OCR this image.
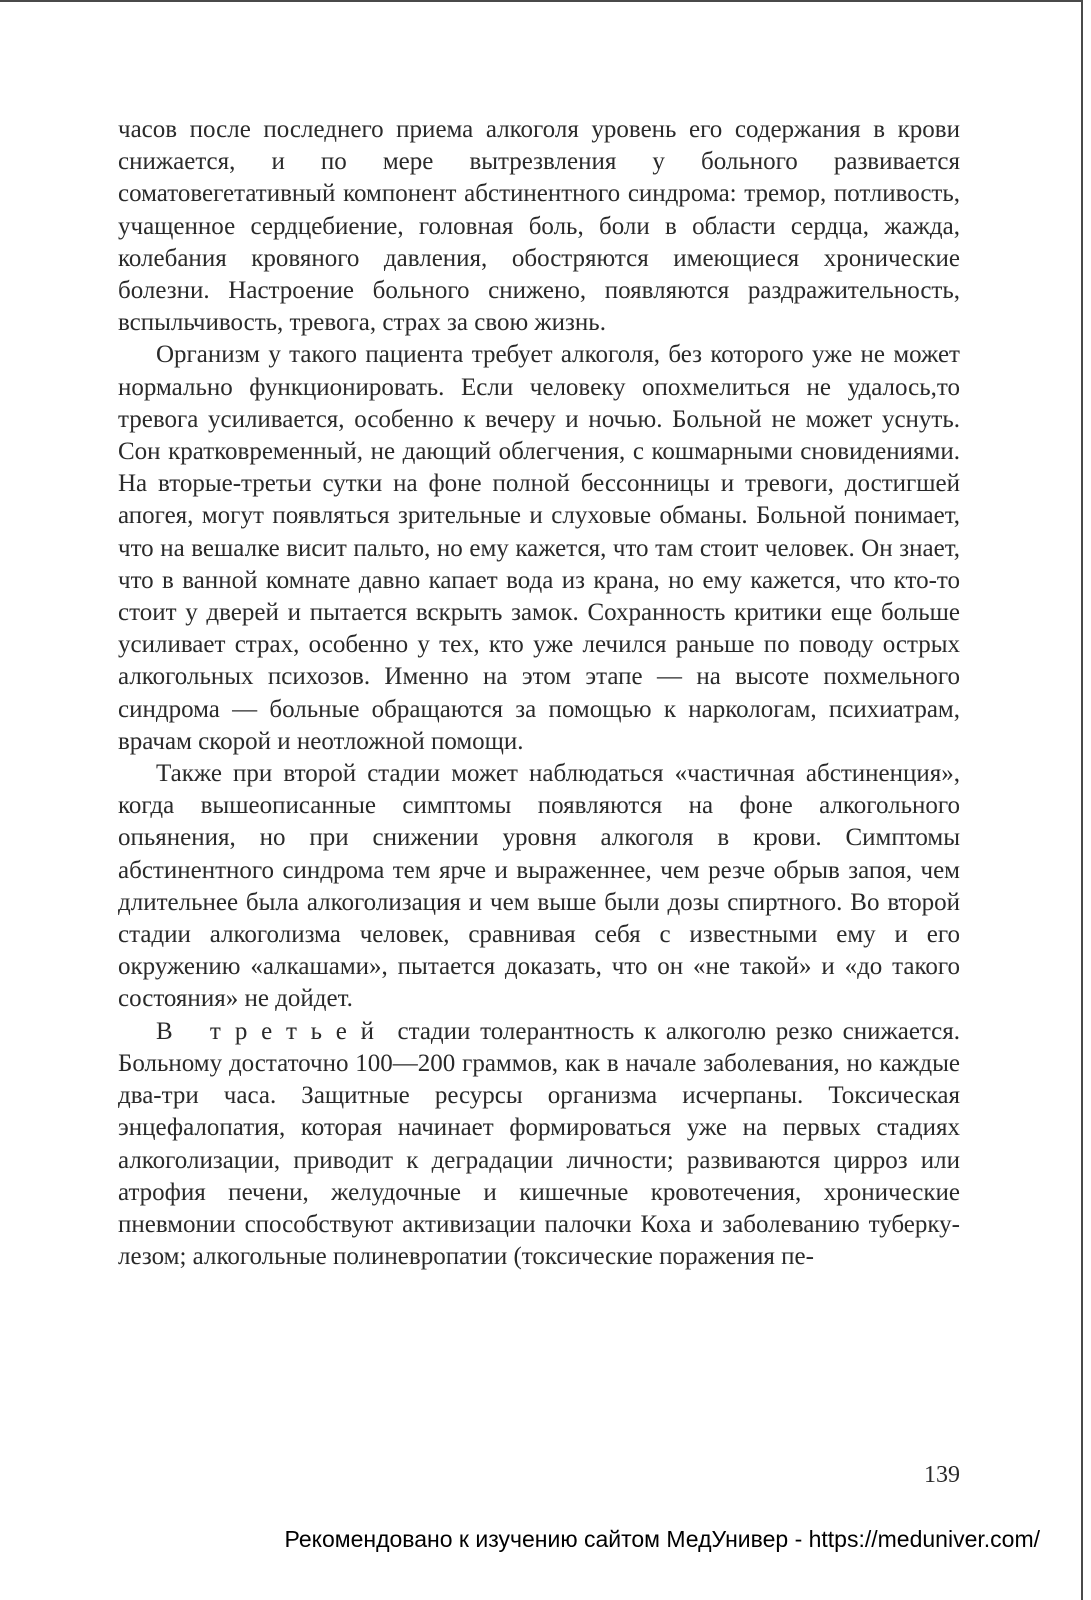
часов после последнего приема алкоголя уровень его содержания в крови снижается, и по мере вытрезвления у больного развивается соматовегетативный компонент абстинентного синдрома: тремор, потливость, учащенное сердцебиение, головная боль, боли в области сердца, жажда, колебания кровяного давления, обостряются имеющиеся хронические болезни. Настроение больного снижено, появляются раздражительность, вспыльчивость, тревога, страх за свою жизнь.

Организм у такого пациента требует алкоголя, без которого уже не может нормально функционировать. Если человеку опохмелиться не удалось,то тревога усиливается, особенно к вечеру и ночью. Больной не может уснуть. Сон кратковременный, не дающий облегчения, с кошмарными сновидениями. На вторые-третьи сутки на фоне полной бессонницы и тревоги, достигшей апогея, могут появляться зрительные и слуховые обманы. Больной понимает, что на вешалке висит пальто, но ему кажется, что там стоит человек. Он знает, что в ванной комнате давно капает вода из крана, но ему кажется, что кто-то стоит у дверей и пытается вскрыть замок. Сохранность критики еще больше усиливает страх, особенно у тех, кто уже лечился раньше по поводу острых алкогольных психозов. Именно на этом этапе — на высоте похмельного синдрома — больные обращаются за помощью к наркологам, психиатрам, врачам скорой и неотложной помощи.

Также при второй стадии может наблюдаться «частичная абстиненция», когда вышеописанные симптомы появляются на фоне алкогольного опьянения, но при снижении уровня алкоголя в крови. Симптомы абстинентного синдрома тем ярче и выраженнее, чем резче обрыв запоя, чем длительнее была алкоголизация и чем выше были дозы спиртного. Во второй стадии алкоголизма человек, сравнивая себя с известными ему и его окружению «алкашами», пытается доказать, что он «не такой» и «до такого состояния» не дойдет.

В третьей стадии толерантность к алкоголю резко снижается. Больному достаточно 100—200 граммов, как в начале заболевания, но каждые два-три часа. Защитные ресурсы организма исчерпаны. Токсическая энцефалопатия, которая начинает формироваться уже на первых стадиях алкоголизации, приводит к деградации личности; развиваются цирроз или атрофия печени, желудочные и кишечные кровотечения, хронические пневмонии способствуют активизации палочки Коха и заболеванию туберкулезом; алкогольные полиневропатии (токсические поражения пе-

139
Рекомендовано к изучению сайтом МедУнивер - https://meduniver.com/
